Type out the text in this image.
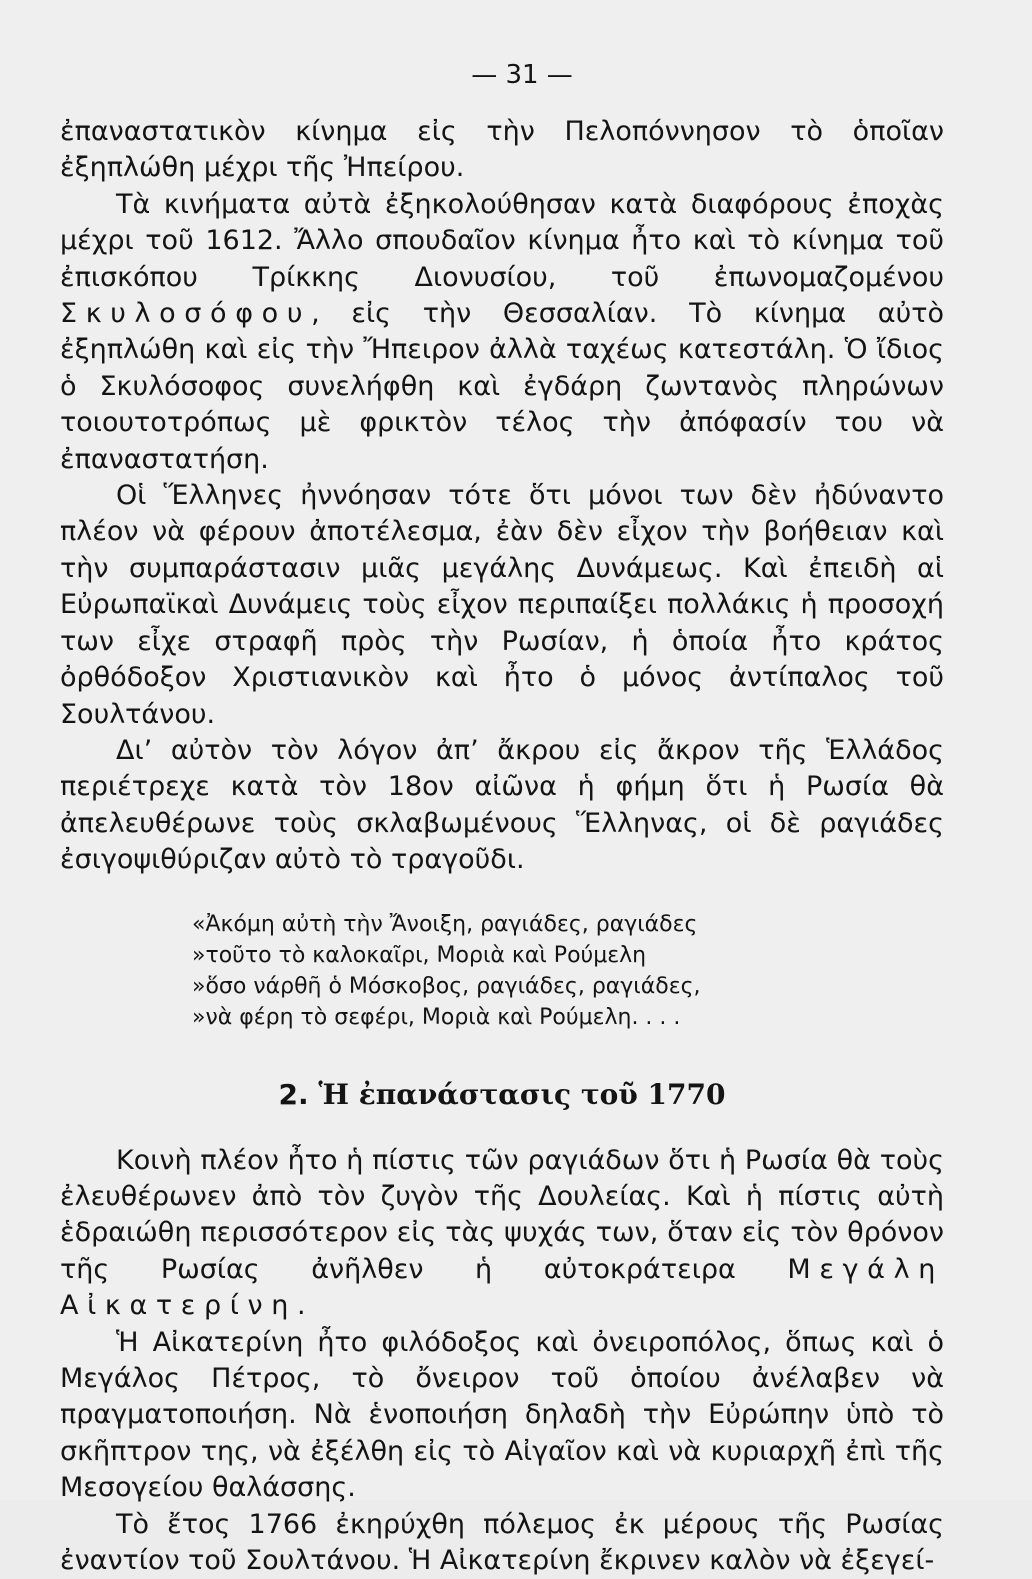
— 31 —

ἐπαναστατικὸν κίνημα εἰς τὴν Πελοπόννησον τὸ ὁποῖαν ἐξηπλώθη μέχρι τῆς Ἠπείρου.

Τὰ κινήματα αὐτὰ ἐξηκολούθησαν κατὰ διαφόρους ἐποχὰς μέχρι τοῦ 1612. Ἄλλο σπουδαῖον κίνημα ἦτο καὶ τὸ κίνημα τοῦ ἐπισκόπου Τρίκκης Διονυσίου, τοῦ ἐπωνομαζομένου Σκυλοσόφου, εἰς τὴν Θεσσαλίαν. Τὸ κίνημα αὐτὸ ἐξηπλώθη καὶ εἰς τὴν Ἤπειρον ἀλλὰ ταχέως κατεστάλη. Ὁ ἴδιος ὁ Σκυλόσοφος συνελήφθη καὶ ἐγδάρη ζωντανὸς πληρώνων τοιουτοτρόπως μὲ φρικτὸν τέλος τὴν ἀπόφασίν του νὰ ἐπαναστατήση.

Οἱ Ἕλληνες ἠννόησαν τότε ὅτι μόνοι των δὲν ἠδύναντο πλέον νὰ φέρουν ἀποτέλεσμα, ἐὰν δὲν εἶχον τὴν βοήθειαν καὶ τὴν συμπαράστασιν μιᾶς μεγάλης Δυνάμεως. Καὶ ἐπειδὴ αἱ Εὐρωπαϊκαὶ Δυνάμεις τοὺς εἶχον περιπαίξει πολλάκις ἡ προσοχή των εἶχε στραφῆ πρὸς τὴν Ρωσίαν, ἡ ὁποία ἦτο κράτος ὀρθόδοξον Χριστιανικὸν καὶ ἦτο ὁ μόνος ἀντίπαλος τοῦ Σουλτάνου.

Δι’ αὐτὸν τὸν λόγον ἀπ’ ἄκρου εἰς ἄκρον τῆς Ἑλλάδος περιέτρεχε κατὰ τὸν 18ον αἰῶνα ἡ φήμη ὅτι ἡ Ρωσία θὰ ἀπελευθέρωνε τοὺς σκλαβωμένους Ἕλληνας, οἱ δὲ ραγιάδες ἐσιγοψιθύριζαν αὐτὸ τὸ τραγοῦδι.

«Ἀκόμη αὐτὴ τὴν Ἄνοιξη, ραγιάδες, ραγιάδες
»τοῦτο τὸ καλοκαῖρι, Μοριὰ καὶ Ρούμελη
»ὅσο νάρθῆ ὁ Μόσκοβος, ραγιάδες, ραγιάδες,
»νὰ φέρη τὸ σεφέρι, Μοριὰ καὶ Ρούμελη. . . .
2. Ἡ ἐπανάστασις τοῦ 1770

Κοινὴ πλέον ἦτο ἡ πίστις τῶν ραγιάδων ὅτι ἡ Ρωσία θὰ τοὺς ἐλευθέρωνεν ἀπὸ τὸν ζυγὸν τῆς Δουλείας. Καὶ ἡ πίστις αὐτὴ ἑδραιώθη περισσότερον εἰς τὰς ψυχάς των, ὅταν εἰς τὸν θρόνον τῆς Ρωσίας ἀνῆλθεν ἡ αὐτοκράτειρα Μεγάλη Αἰκατερίνη.

Ἡ Αἰκατερίνη ἦτο φιλόδοξος καὶ ὀνειροπόλος, ὅπως καὶ ὁ Μεγάλος Πέτρος, τὸ ὄνειρον τοῦ ὁποίου ἀνέλαβεν νὰ πραγματοποιήση. Νὰ ἑνοποιήση δηλαδὴ τὴν Εὐρώπην ὑπὸ τὸ σκῆπτρον της, νὰ ἐξέλθη εἰς τὸ Αἰγαῖον καὶ νὰ κυριαρχῆ ἐπὶ τῆς Μεσογείου θαλάσσης.

Τὸ ἔτος 1766 ἐκηρύχθη πόλεμος ἐκ μέρους τῆς Ρωσίας ἐναντίον τοῦ Σουλτάνου. Ἡ Αἰκατερίνη ἔκρινεν καλὸν νὰ ἐξεγεί-
